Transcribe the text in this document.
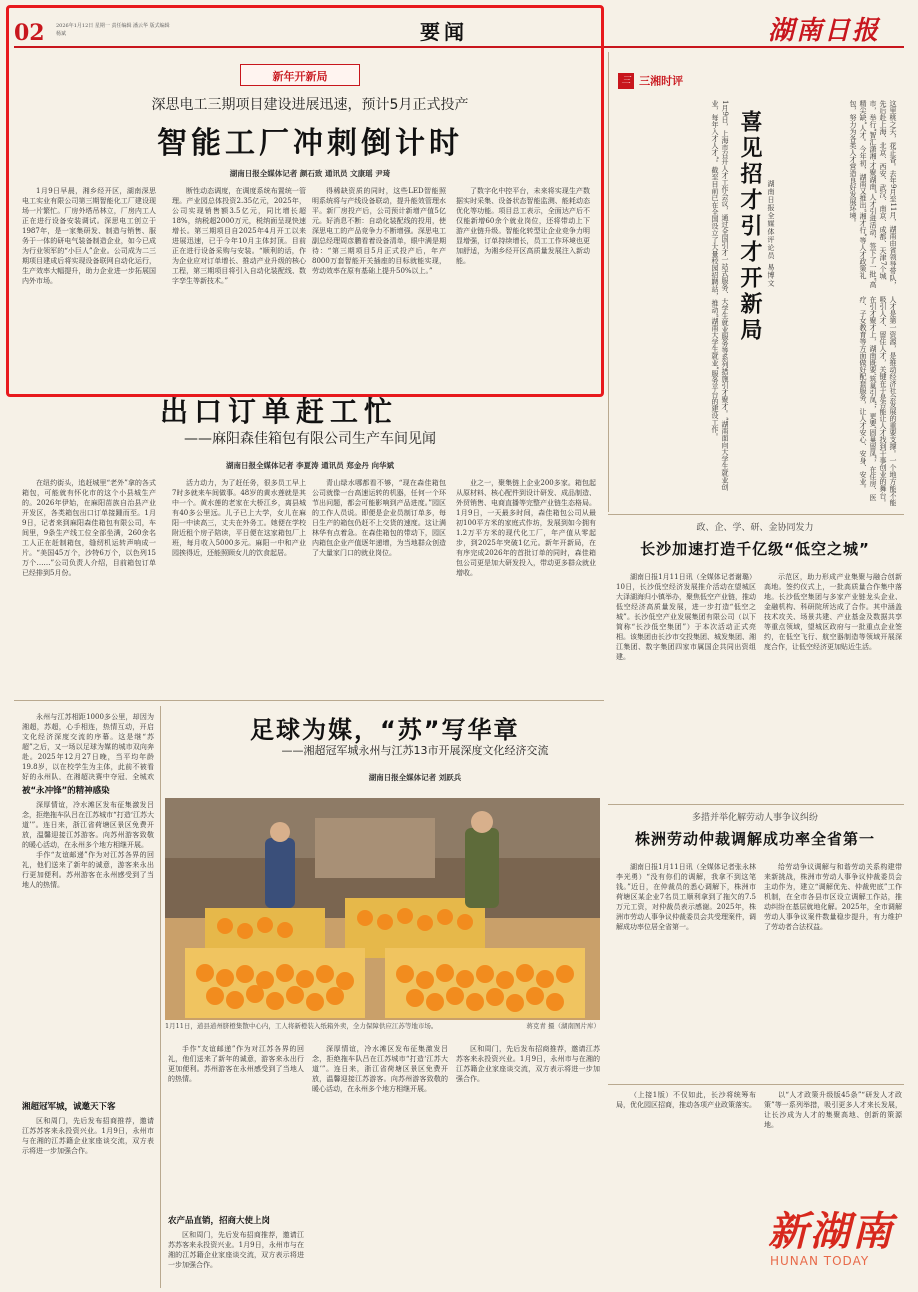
02 2026年1月12日 星期一 责任编辑 潘云华 版式编辑 杨斌	要闻	湖南日报
新年开新局
深思电工三期项目建设进展迅速，预计5月正式投产
智能工厂冲刺倒计时
湖南日报全媒体记者 颜石致 通讯员 文康瑶 尹琦

1月9日早晨，湘乡经开区，湖南深思电工实业有限公司第三期智能化工厂建设现场一片繁忙。厂房外塔吊林立，厂房内工人正在进行设备安装调试。深思电工创立于1987年，是一家集研发、制造与销售、服务于一体的研电气装备制造企业，如今已成为行业领军的“小巨人”企业。公司成为二三期项目建成后将实现设备联网自动化运行，生产效率大幅提升，助力企业进一步拓展国内外市场。

断性动态调度，在调度系统布置统一管理。产业园总体投资2.35亿元，2025年，公司实现销售额3.5亿元，同比增长超18%，纳税超2000万元，税纳面呈现快速增长。第三期项目自2025年4月开工以来进展迅速，已于今年10月主体封顶。目前正在进行设备采购与安装。“顺利的话，作为企业应对订单增长、推动产业升级的核心工程，第三期项目将引入自动化装配线、数字孪生等新技术。”

得稀缺资质的同时，这些LED智能照明系统将与产线设备联动，提升能效管理水平。新厂房投产后，公司预计新增产值5亿元。好消息不断：自动化装配线的投用，使深思电工的产品竞争力不断增强。深思电工副总经理周彦鹏看着设备清单，眼中满是期待：“第三期项目5月正式投产后，年产8000万套智能开关插座的目标就能实现，劳动效率在原有基础上提升50%以上。”

了数字化中控平台，未来将实现生产数据实时采集、设备状态智能监测、能耗动态优化等功能。项目总工表示，全面达产后不仅能新增60余个就业岗位，还将带动上下游产业链升级。智能化转型让企业竞争力明显增强，订单持续增长，员工工作环境也更加舒适，为湘乡经开区高质量发展注入新动能。

三 三湘时评
1月9日，上海市召开人才工作会议，通过全国引才一站式服务、大学生就业服务等系列措施引才聚才。“湖南面向大学生就业创业，每年入才人才”。截至目前已在全国设立了大量校园招聘站，推动“湖南大学生就业”服务平台的建设工作。 喜见招才引才开新局 湖南日报全媒体评论员 易博文	这里桃之夭，花正香。去年9月至11月，湖南由省领导带队，先后赴上海、北京、西安、武汉、南京、成都、天津7个城市，举行“智汇潇湘·才聚湖南”人才引进活动，签下了一批“高精尖缺”人才。今年初，湖南又推出“湘才行”等人才政策礼包，努力为各类人才营造良好发展环境。
人才是第一资源，是推动经济社会发展的重要支撑。一个地方能不能吸引人才、留住人才，关键在于是否能让人才找到干事创业的舞台。在引才聚才上，湖南既要‘筑巢引凤’，更要‘固巢留凤’，在住房、医疗、子女教育等方面做好配套服务，让人才安心、安身、安业。
出口订单赶工忙
——麻阳森佳箱包有限公司生产车间见闻
湖南日报全媒体记者 李夏涛 通讯员 郑金丹 向华斌

在纽约街头，追赶城里“老外”拿的各式箱包，可能就有怀化市的这个小县城生产的。2026年伊始，在麻阳苗族自治县产业开发区，各类箱包出口订单接踵而至。1月9日，记者来到麻阳森佳箱包有限公司，车间里，9条生产线工位全部坐满，260余名工人正在赶制箱包，缝纫机运转声响成一片。“美国45万个，沙特6万个，以色列15万个……”公司负责人介绍，目前箱包订单已经排到5月份。

活力动力，为了赶任务，很多员工早上7时多就来车间做事。48岁的黄水莲就是其中一个。黄水莲的老家在大桥江乡，离县城有40多公里远。儿子已上大学，女儿在麻阳一中读高三，丈夫在外务工。她便在学校附近租个房子陪读，平日便在这家箱包厂上班，每月收入5000多元。麻阳一中和产业园挨得近，还能照顾女儿的饮食起居。

青山绿水哪都看不够，“现在森佳箱包公司就像一台高速运转的机器，任何一个环节出问题，都会可能影响到产品进度。”园区的工作人员说。即便是企业员制订单多，每日生产的箱包仍赶不上交货的速度。这让满林华有点着急。在森佳箱包的带动下，园区内箱包企业产值逐年递增，为当地群众创造了大量家门口的就业岗位。

业之一，聚集链上企业200多家。箱包起从原材料、核心配件到设计研发、成品制造、外贸销售、电商直播等完整产业链生态格局。1月9日，一天最多时间，森佳箱包公司从最初100平方米的家庭式作坊，发展到如今拥有1.2万平方米的现代化工厂，年产值从零起步，到2025年突破1亿元。新年开新局，在有序完成2026年的首批订单的同时，森佳箱包公司更是加大研发投入，带动更多群众就业增收。

政、企、学、研、金协同发力
长沙加速打造千亿级“低空之城”

湖南日报1月11日讯（全媒体记者谢璐）10日，长沙低空经济发展推介活动在望城区大泽湖海归小镇举办，聚焦低空产业链，推动低空经济高质量发展，进一步打造“低空之城”。长沙低空产业发展集团有限公司（以下简称“长沙低空集团”）于本次活动正式亮相。该集团由长沙市交投集团、城发集团、湘江集团、数字集团四家市属国企共同出资组建。

示范区，助力形成产业集聚与融合创新高地。签约仪式上，一批高质量合作集中落地。长沙低空集团与多家产业链龙头企业、金融机构、科研院所达成了合作。其中涵盖技术攻关、场景共建、产业基金及数据共享等重点领域，望城区政府与一批重点企业签约，在低空飞行、航空器制造等领域开展深度合作，让低空经济更加贴近生活。

多措并举化解劳动人事争议纠纷
株洲劳动仲裁调解成功率全省第一

湖南日报1月11日讯（全媒体记者张永林 李光勇）“没有你们的调解，我拿不到这笔钱。”近日，在仲裁员的悉心调解下，株洲市荷塘区某企业7名员工顺利拿到了拖欠的7.5万元工资，对仲裁员表示感谢。2025年，株洲市劳动人事争议仲裁委员会共受理案件，调解成功率位居全省第一。

给劳动争议调解与和谐劳动关系构建带来新挑战，株洲市劳动人事争议仲裁委员会主动作为，建立“调解优先、仲裁兜底”工作机制，在全市各县市区设立调解工作站，推动纠纷在基层就地化解。2025年，全市调解劳动人事争议案件数量稳步提升，有力维护了劳动者合法权益。

足球为媒，“苏”写华章
——湘超冠军城永州与江苏13市开展深度文化经济交流
湖南日报全媒体记者 刘跃兵

永州与江苏相距1000多公里，却因为湘超，苏超，心手相连，热情互动，开启文化经济深度交流的序幕。这是继“苏超”之后，又一场以足球为媒的城市双向奔赴。2025年12月27日晚，当平均年龄19.8岁，以在校学生为主体，此前不被看好的永州队，在湘超决赛中夺冠，全城欢

被“永冲锋”的精神感染

深厚情谊，冷水滩区发布征集激发吕念，拒绝拖车队吕在江苏城市“打造‘江苏大道’”。连日来，浙江省荷塘区景区免费开放，温馨迎接江苏游客。向苏州游客致敬的暖心活动，在永州多个地方相继开展。

手作“友谊邮递”作为对江苏各界的回礼，他们送来了新年的诚意，游客来永出行更加便利。苏州游客在永州感受到了当地人的热情。

湘超冠军城，诚邀天下客

区和周门，先后发布招商推荐，邀请江苏苏客来永投资兴业。1月9日，永州市与在湘的江苏籍企业家座谈交流，双方表示将进一步加强合作。

1月11日，道县道州脐橙集散中心内，工人将新橙装入纸箱外卖，全力保障供应江苏等地市场。	蒋克青 摄（湖南图片库）

手作“友谊邮递”作为对江苏各界的回礼，他们送来了新年的诚意，游客来永出行更加便利。苏州游客在永州感受到了当地人的热情。

农产品直销，招商大使上岗

区和周门，先后发布招商推荐，邀请江苏苏客来永投资兴业。1月9日，永州市与在湘的江苏籍企业家座谈交流，双方表示将进一步加强合作。

深厚情谊，冷水滩区发布征集激发吕念，拒绝拖车队吕在江苏城市“打造‘江苏大道’”。连日来，浙江省荷塘区景区免费开放，温馨迎接江苏游客。向苏州游客致敬的暖心活动，在永州多个地方相继开展。

区和周门，先后发布招商推荐，邀请江苏苏客来永投资兴业。1月9日，永州市与在湘的江苏籍企业家座谈交流，双方表示将进一步加强合作。

（上接1版）不仅如此，长沙将统筹布局，优化园区招商，推动各项产业政策落实。

以“人才政策升级版45条”“研发人才政策”等一系列举措，吸引更多人才来长发展，让长沙成为人才的集聚高地、创新的策源地。

新湖南
HUNAN TODAY
